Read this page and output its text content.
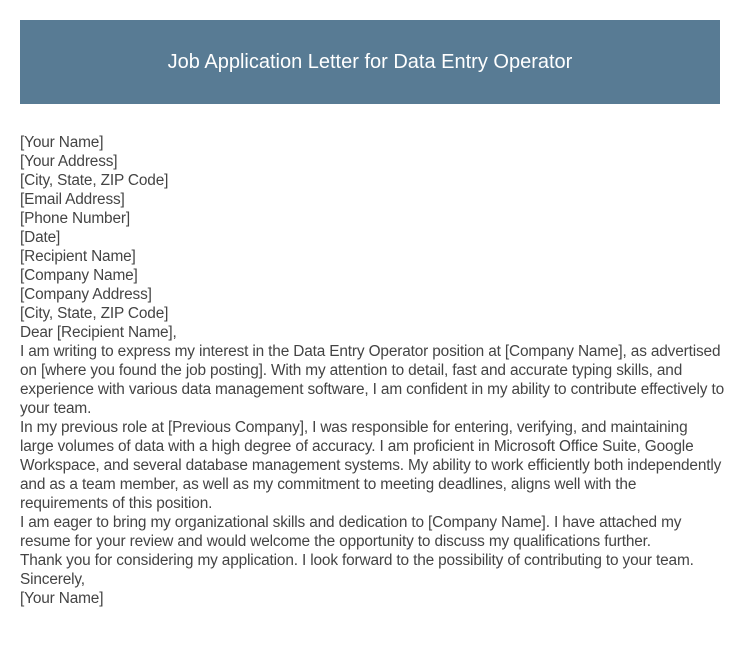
Job Application Letter for Data Entry Operator
[Your Name]
[Your Address]
[City, State, ZIP Code]
[Email Address]
[Phone Number]
[Date]
[Recipient Name]
[Company Name]
[Company Address]
[City, State, ZIP Code]

Dear [Recipient Name],

I am writing to express my interest in the Data Entry Operator position at [Company Name], as advertised on [where you found the job posting]. With my attention to detail, fast and accurate typing skills, and experience with various data management software, I am confident in my ability to contribute effectively to your team.

In my previous role at [Previous Company], I was responsible for entering, verifying, and maintaining large volumes of data with a high degree of accuracy. I am proficient in Microsoft Office Suite, Google Workspace, and several database management systems. My ability to work efficiently both independently and as a team member, as well as my commitment to meeting deadlines, aligns well with the requirements of this position.

I am eager to bring my organizational skills and dedication to [Company Name]. I have attached my resume for your review and would welcome the opportunity to discuss my qualifications further.

Thank you for considering my application. I look forward to the possibility of contributing to your team.

Sincerely,

[Your Name]
